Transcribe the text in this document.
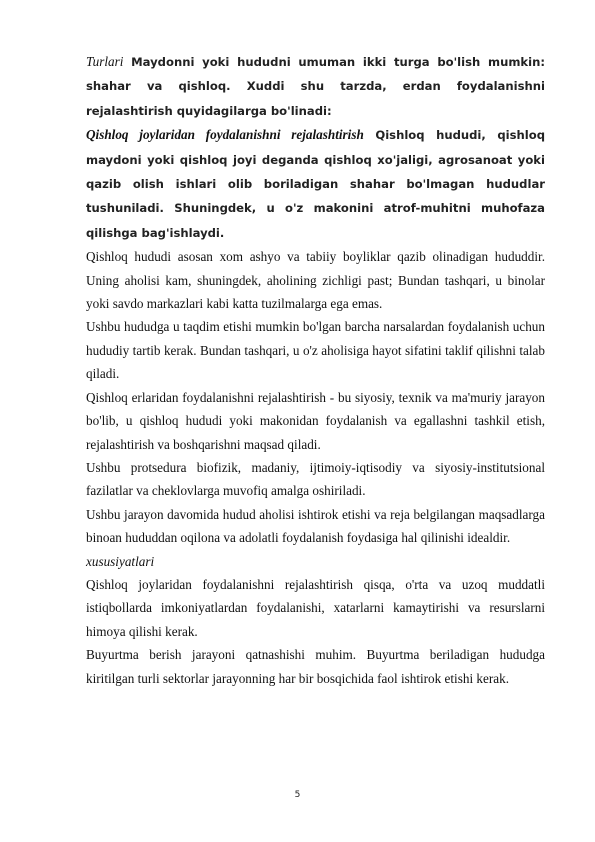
Turlari Maydonni yoki hududni umuman ikki turga bo'lish mumkin: shahar va qishloq. Xuddi shu tarzda, erdan foydalanishni rejalashtirish quyidagilarga bo'linadi:

Qishloq joylaridan foydalanishni rejalashtirish Qishloq hududi, qishloq maydoni yoki qishloq joyi deganda qishloq xo'jaligi, agrosanoat yoki qazib olish ishlari olib boriladigan shahar bo'lmagan hududlar tushuniladi. Shuningdek, u o'z makonini atrof-muhitni muhofaza qilishga bag'ishlaydi.

Qishloq hududi asosan xom ashyo va tabiiy boyliklar qazib olinadigan hududdir. Uning aholisi kam, shuningdek, aholining zichligi past; Bundan tashqari, u binolar yoki savdo markazlari kabi katta tuzilmalarga ega emas.

Ushbu hududga u taqdim etishi mumkin bo'lgan barcha narsalardan foydalanish uchun hududiy tartib kerak. Bundan tashqari, u o'z aholisiga hayot sifatini taklif qilishni talab qiladi.

Qishloq erlaridan foydalanishni rejalashtirish - bu siyosiy, texnik va ma'muriy jarayon bo'lib, u qishloq hududi yoki makonidan foydalanish va egallashni tashkil etish, rejalashtirish va boshqarishni maqsad qiladi.

Ushbu protsedura biofizik, madaniy, ijtimoiy-iqtisodiy va siyosiy-institutsional fazilatlar va cheklovlarga muvofiq amalga oshiriladi.

Ushbu jarayon davomida hudud aholisi ishtirok etishi va reja belgilangan maqsadlarga binoan hududdan oqilona va adolatli foydalanish foydasiga hal qilinishi idealdir.

xususiyatlari

Qishloq joylaridan foydalanishni rejalashtirish qisqa, o'rta va uzoq muddatli istiqbollarda imkoniyatlardan foydalanishi, xatarlarni kamaytirishi va resurslarni himoya qilishi kerak.

Buyurtma berish jarayoni qatnashishi muhim. Buyurtma beriladigan hududga kiritilgan turli sektorlar jarayonning har bir bosqichida faol ishtirok etishi kerak.

5
